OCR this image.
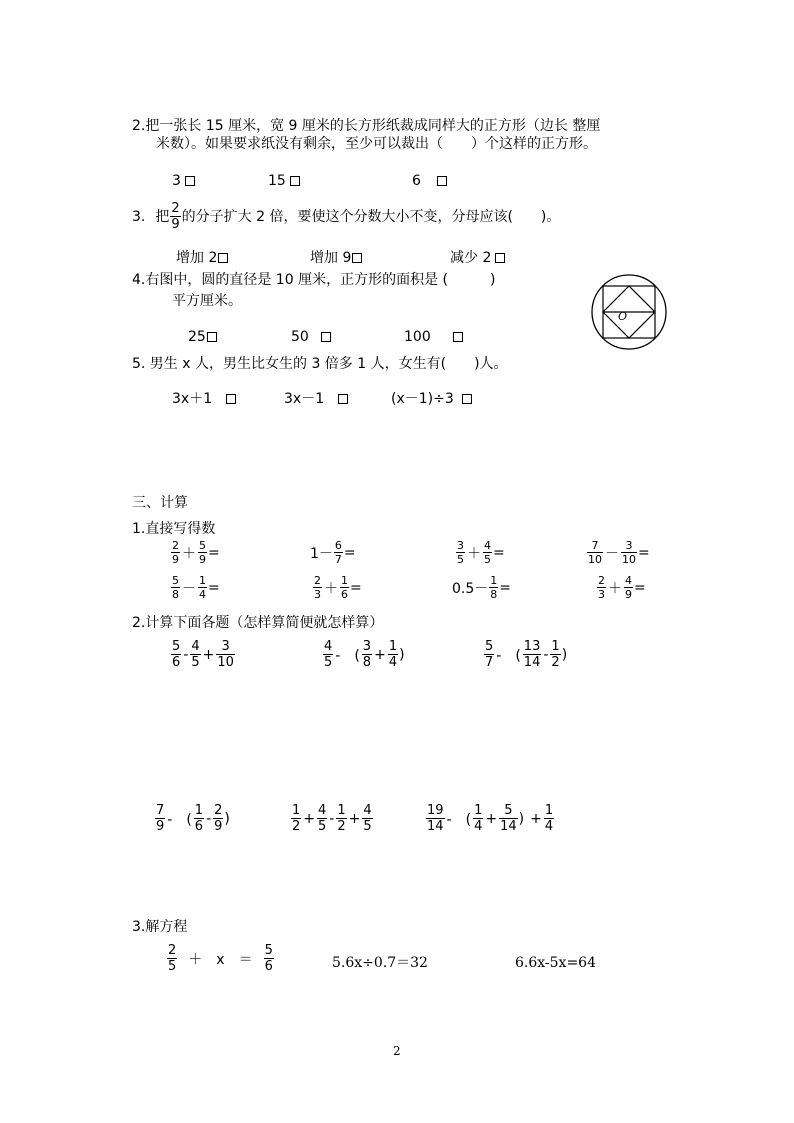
2.把一张长 15 厘米，宽 9 厘米的长方形纸裁成同样大的正方形（边长 整厘
米数）。如果要求纸没有剩余，至少可以裁出（　　）个这样的正方形。
3	15	6
3. 把 $\frac{2}{9}$ 的分子扩大 2 倍，要使这个分数大小不变，分母应该(　　)。
增加 2	增加 9	减少 2
4.右图中，圆的直径是 10 厘米，正方形的面积是 (　　　)
平方厘米。
25	50	100
O
5. 男生 x 人，男生比女生的 3 倍多 1 人，女生有(　　)人。
3x＋1	3x－1	(x－1)÷3
三、计算
1.直接写得数
$\frac{2}{9} + \frac{5}{9}$ =	$1- \frac{6}{7}$ =	$\frac{3}{5} + \frac{4}{5}$ =	$\frac{7}{10} - \frac{3}{10}$ =
$\frac{5}{8} - \frac{1}{4}$ =	$\frac{2}{3} + \frac{1}{6}$ =	$0.5- \frac{1}{8}$ =	$\frac{2}{3} + \frac{4}{9}$ =
2.计算下面各题（怎样算简便就怎样算）
$\frac{5}{6} - \frac{4}{5} + \frac{3}{10}$	$\frac{4}{5}$ -　( $\frac{3}{8} + \frac{1}{4}$ )	$\frac{5}{7}$ -　( $\frac{13}{14} - \frac{1}{2}$ )
$\frac{7}{9}$ -　( $\frac{1}{6} - \frac{2}{9}$ )	$\frac{1}{2} + \frac{4}{5} - \frac{1}{2} + \frac{4}{5}$	$\frac{19}{14}$ -　( $\frac{1}{4} + \frac{5}{14}$ ) + $\frac{1}{4}$
3.解方程
$\frac{2}{5}$ ＋　x　＝ $\frac{5}{6}$	5.6x÷0.7＝32	6.6x-5x=64
2
